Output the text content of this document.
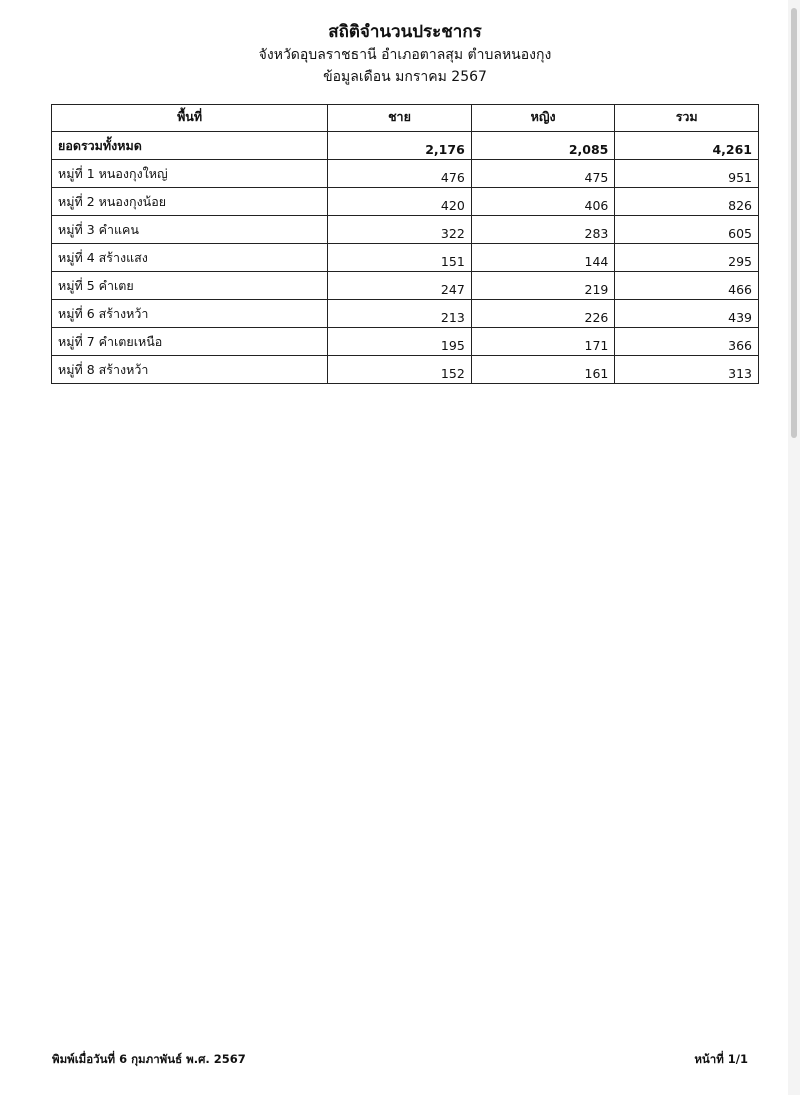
สถิติจำนวนประชากร
จังหวัดอุบลราชธานี อำเภอตาลสุม ตำบลหนองกุง
ข้อมูลเดือน มกราคม 2567
พื้นที่	ชาย	หญิง	รวม
ยอดรวมทั้งหมด	2,176	2,085	4,261
หมู่ที่ 1 หนองกุงใหญ่	476	475	951
หมู่ที่ 2 หนองกุงน้อย	420	406	826
หมู่ที่ 3 คำแคน	322	283	605
หมู่ที่ 4 สร้างแสง	151	144	295
หมู่ที่ 5 คำเตย	247	219	466
หมู่ที่ 6 สร้างหว้า	213	226	439
หมู่ที่ 7 คำเตยเหนือ	195	171	366
หมู่ที่ 8 สร้างหว้า	152	161	313
พิมพ์เมื่อวันที่ 6 กุมภาพันธ์ พ.ศ. 2567	หน้าที่ 1/1
